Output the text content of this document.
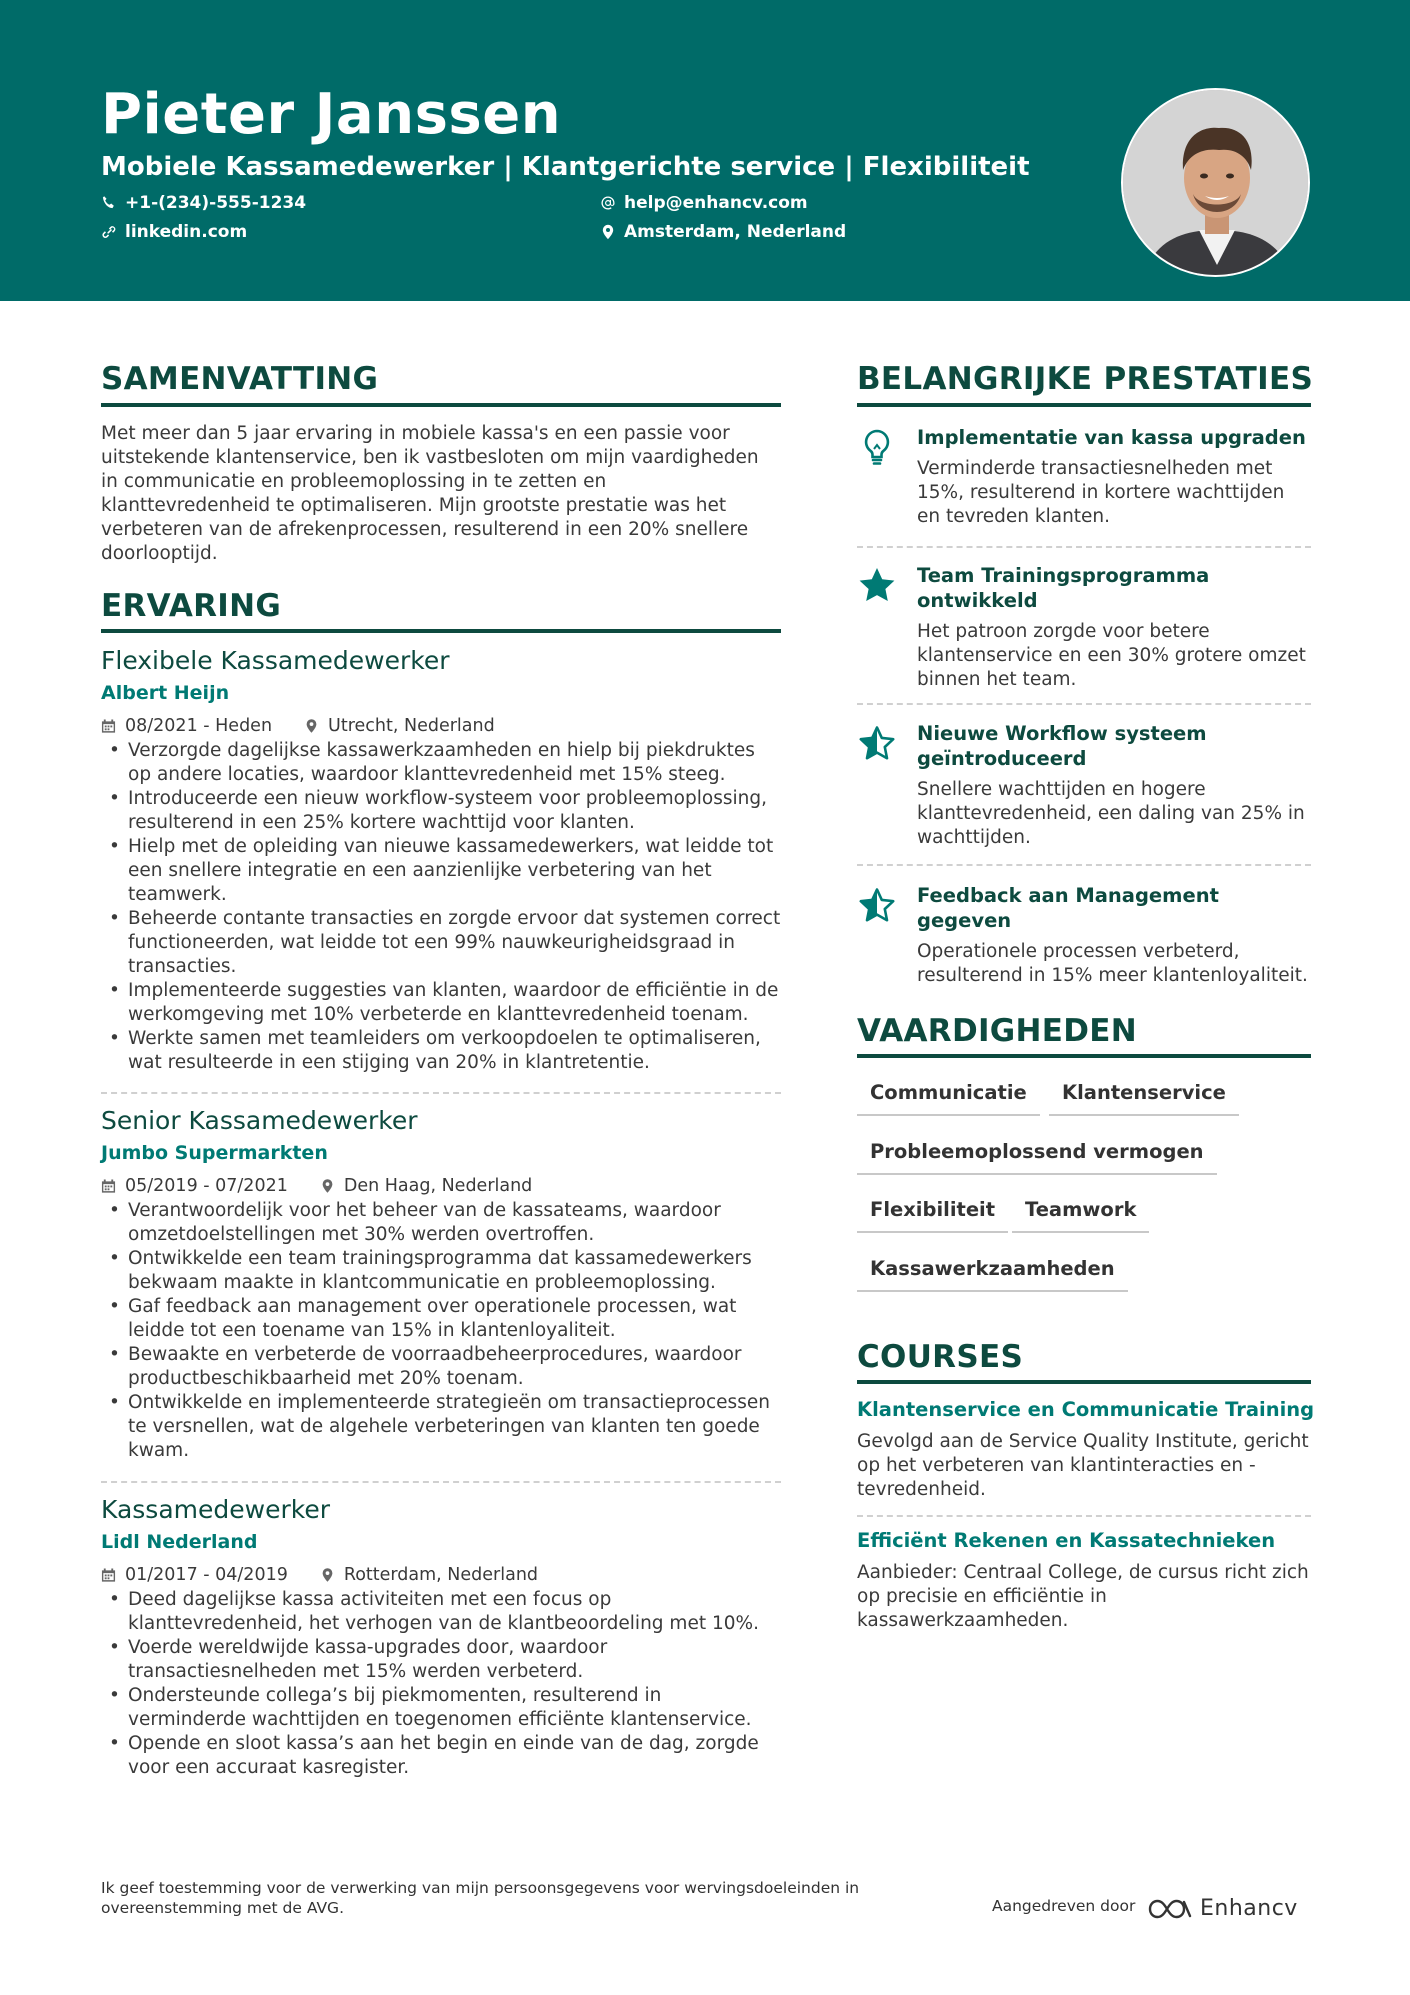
Pieter Janssen
Mobiele Kassamedewerker | Klantgerichte service | Flexibiliteit
+1-(234)-555-1234	help@enhancv.com
linkedin.com	Amsterdam, Nederland
SAMENVATTING
Met meer dan 5 jaar ervaring in mobiele kassa's en een passie voor uitstekende klantenservice, ben ik vastbesloten om mijn vaardigheden in communicatie en probleemoplossing in te zetten en klanttevredenheid te optimaliseren. Mijn grootste prestatie was het verbeteren van de afrekenprocessen, resulterend in een 20% snellere doorlooptijd.
ERVARING
Flexibele Kassamedewerker
Albert Heijn
08/2021 - Heden	Utrecht, Nederland
• Verzorgde dagelijkse kassawerkzaamheden en hielp bij piekdruktes op andere locaties, waardoor klanttevredenheid met 15% steeg.
• Introduceerde een nieuw workflow-systeem voor probleemoplossing, resulterend in een 25% kortere wachttijd voor klanten.
• Hielp met de opleiding van nieuwe kassamedewerkers, wat leidde tot een snellere integratie en een aanzienlijke verbetering van het teamwerk.
• Beheerde contante transacties en zorgde ervoor dat systemen correct functioneerden, wat leidde tot een 99% nauwkeurigheidsgraad in transacties.
• Implementeerde suggesties van klanten, waardoor de efficiëntie in de werkomgeving met 10% verbeterde en klanttevredenheid toenam.
• Werkte samen met teamleiders om verkoopdoelen te optimaliseren, wat resulteerde in een stijging van 20% in klantretentie.
Senior Kassamedewerker
Jumbo Supermarkten
05/2019 - 07/2021	Den Haag, Nederland
• Verantwoordelijk voor het beheer van de kassateams, waardoor omzetdoelstellingen met 30% werden overtroffen.
• Ontwikkelde een team trainingsprogramma dat kassamedewerkers bekwaam maakte in klantcommunicatie en probleemoplossing.
• Gaf feedback aan management over operationele processen, wat leidde tot een toename van 15% in klantenloyaliteit.
• Bewaakte en verbeterde de voorraadbeheerprocedures, waardoor productbeschikbaarheid met 20% toenam.
• Ontwikkelde en implementeerde strategieën om transactieprocessen te versnellen, wat de algehele verbeteringen van klanten ten goede kwam.
Kassamedewerker
Lidl Nederland
01/2017 - 04/2019	Rotterdam, Nederland
• Deed dagelijkse kassa activiteiten met een focus op klanttevredenheid, het verhogen van de klantbeoordeling met 10%.
• Voerde wereldwijde kassa-upgrades door, waardoor transactiesnelheden met 15% werden verbeterd.
• Ondersteunde collega’s bij piekmomenten, resulterend in verminderde wachttijden en toegenomen efficiënte klantenservice.
• Opende en sloot kassa’s aan het begin en einde van de dag, zorgde voor een accuraat kasregister.
BELANGRIJKE PRESTATIES
Implementatie van kassa upgraden
Verminderde transactiesnelheden met 15%, resulterend in kortere wachttijden en tevreden klanten.
Team Trainingsprogramma ontwikkeld
Het patroon zorgde voor betere klantenservice en een 30% grotere omzet binnen het team.
Nieuwe Workflow systeem geïntroduceerd
Snellere wachttijden en hogere klanttevredenheid, een daling van 25% in wachttijden.
Feedback aan Management gegeven
Operationele processen verbeterd, resulterend in 15% meer klantenloyaliteit.
VAARDIGHEDEN
Communicatie	Klantenservice
Probleemoplossend vermogen
Flexibiliteit	Teamwork
Kassawerkzaamheden
COURSES
Klantenservice en Communicatie Training
Gevolgd aan de Service Quality Institute, gericht op het verbeteren van klantinteracties en -tevredenheid.
Efficiënt Rekenen en Kassatechnieken
Aanbieder: Centraal College, de cursus richt zich op precisie en efficiëntie in kassawerkzaamheden.
Ik geef toestemming voor de verwerking van mijn persoonsgegevens voor wervingsdoeleinden in overeenstemming met de AVG.	Aangedreven door	Enhancv
